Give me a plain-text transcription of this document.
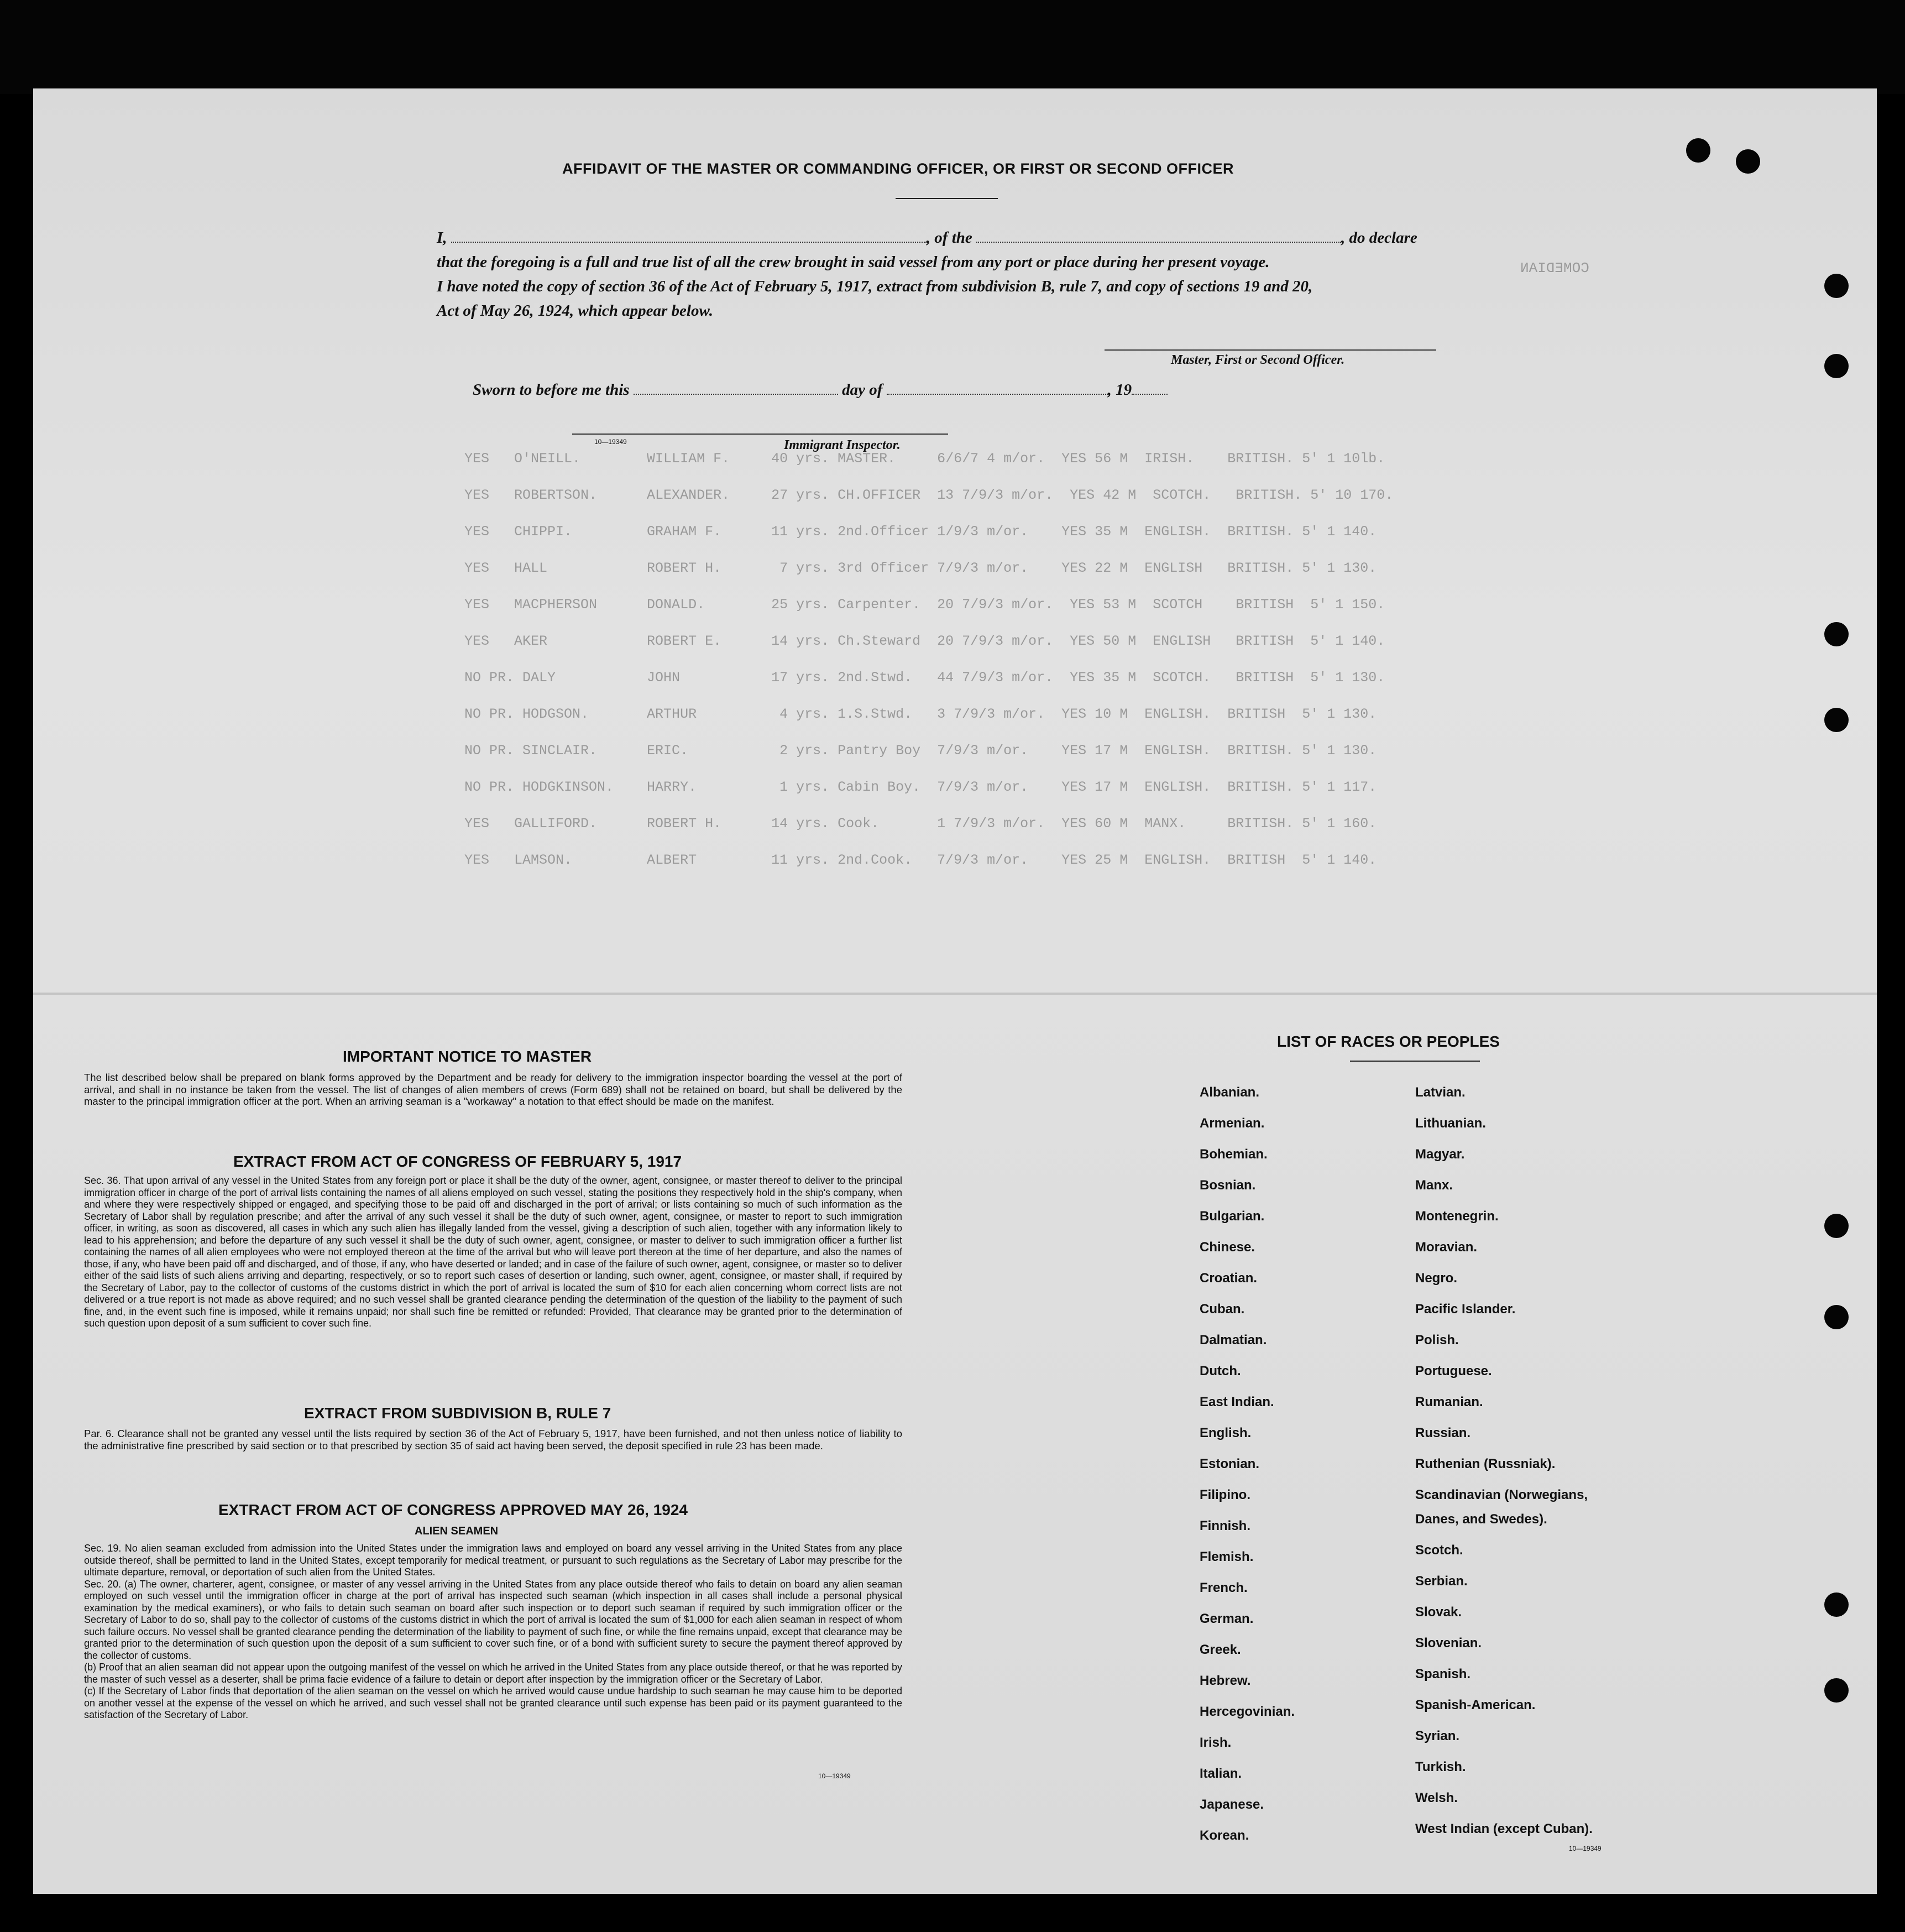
AFFIDAVIT OF THE MASTER OR COMMANDING OFFICER, OR FIRST OR SECOND OFFICER
I,	, of the	, do declare
that the foregoing is a full and true list of all the crew brought in said vessel from any port or place during her present voyage.
I have noted the copy of section 36 of the Act of February 5, 1917, extract from subdivision B, rule 7, and copy of sections 19 and 20,
Act of May 26, 1924, which appear below.
COMEDIAN
Master, First or Second Officer.
Sworn to before me this	day of	, 19
10—19349	Immigrant Inspector.
YES   O'NEILL.        WILLIAM F.     40 yrs. MASTER.     6/6/7 4 m/or.  YES 56 M  IRISH.    BRITISH. 5' 1 10lb.
YES   ROBERTSON.      ALEXANDER.     27 yrs. CH.OFFICER  13 7/9/3 m/or.  YES 42 M  SCOTCH.   BRITISH. 5' 10 170.
YES   CHIPPI.         GRAHAM F.      11 yrs. 2nd.Officer 1/9/3 m/or.    YES 35 M  ENGLISH.  BRITISH. 5' 1 140.
YES   HALL            ROBERT H.       7 yrs. 3rd Officer 7/9/3 m/or.    YES 22 M  ENGLISH   BRITISH. 5' 1 130.
YES   MACPHERSON      DONALD.        25 yrs. Carpenter.  20 7/9/3 m/or.  YES 53 M  SCOTCH    BRITISH  5' 1 150.
YES   AKER            ROBERT E.      14 yrs. Ch.Steward  20 7/9/3 m/or.  YES 50 M  ENGLISH   BRITISH  5' 1 140.
NO PR. DALY           JOHN           17 yrs. 2nd.Stwd.   44 7/9/3 m/or.  YES 35 M  SCOTCH.   BRITISH  5' 1 130.
NO PR. HODGSON.       ARTHUR          4 yrs. 1.S.Stwd.   3 7/9/3 m/or.  YES 10 M  ENGLISH.  BRITISH  5' 1 130.
NO PR. SINCLAIR.      ERIC.           2 yrs. Pantry Boy  7/9/3 m/or.    YES 17 M  ENGLISH.  BRITISH. 5' 1 130.
NO PR. HODGKINSON.    HARRY.          1 yrs. Cabin Boy.  7/9/3 m/or.    YES 17 M  ENGLISH.  BRITISH. 5' 1 117.
YES   GALLIFORD.      ROBERT H.      14 yrs. Cook.       1 7/9/3 m/or.  YES 60 M  MANX.     BRITISH. 5' 1 160.
YES   LAMSON.         ALBERT         11 yrs. 2nd.Cook.   7/9/3 m/or.    YES 25 M  ENGLISH.  BRITISH  5' 1 140.
IMPORTANT NOTICE TO MASTER
The list described below shall be prepared on blank forms approved by the Department and be ready for delivery to the immigration inspector boarding the vessel at the port of arrival, and shall in no instance be taken from the vessel. The list of changes of alien members of crews (Form 689) shall not be retained on board, but shall be delivered by the master to the principal immigration officer at the port. When an arriving seaman is a "workaway" a notation to that effect should be made on the manifest.
EXTRACT FROM ACT OF CONGRESS OF FEBRUARY 5, 1917
Sec. 36. That upon arrival of any vessel in the United States from any foreign port or place it shall be the duty of the owner, agent, consignee, or master thereof to deliver to the principal immigration officer in charge of the port of arrival lists containing the names of all aliens employed on such vessel, stating the positions they respectively hold in the ship's company, when and where they were respectively shipped or engaged, and specifying those to be paid off and discharged in the port of arrival; or lists containing so much of such information as the Secretary of Labor shall by regulation prescribe; and after the arrival of any such vessel it shall be the duty of such owner, agent, consignee, or master to report to such immigration officer, in writing, as soon as discovered, all cases in which any such alien has illegally landed from the vessel, giving a description of such alien, together with any information likely to lead to his apprehension; and before the departure of any such vessel it shall be the duty of such owner, agent, consignee, or master to deliver to such immigration officer a further list containing the names of all alien employees who were not employed thereon at the time of the arrival but who will leave port thereon at the time of her departure, and also the names of those, if any, who have been paid off and discharged, and of those, if any, who have deserted or landed; and in case of the failure of such owner, agent, consignee, or master so to deliver either of the said lists of such aliens arriving and departing, respectively, or so to report such cases of desertion or landing, such owner, agent, consignee, or master shall, if required by the Secretary of Labor, pay to the collector of customs of the customs district in which the port of arrival is located the sum of $10 for each alien concerning whom correct lists are not delivered or a true report is not made as above required; and no such vessel shall be granted clearance pending the determination of the question of the liability to the payment of such fine, and, in the event such fine is imposed, while it remains unpaid; nor shall such fine be remitted or refunded: Provided, That clearance may be granted prior to the determination of such question upon deposit of a sum sufficient to cover such fine.
EXTRACT FROM SUBDIVISION B, RULE 7
Par. 6. Clearance shall not be granted any vessel until the lists required by section 36 of the Act of February 5, 1917, have been furnished, and not then unless notice of liability to the administrative fine prescribed by said section or to that prescribed by section 35 of said act having been served, the deposit specified in rule 23 has been made.
EXTRACT FROM ACT OF CONGRESS APPROVED MAY 26, 1924
ALIEN SEAMEN
Sec. 19. No alien seaman excluded from admission into the United States under the immigration laws and employed on board any vessel arriving in the United States from any place outside thereof, shall be permitted to land in the United States, except temporarily for medical treatment, or pursuant to such regulations as the Secretary of Labor may prescribe for the ultimate departure, removal, or deportation of such alien from the United States.
Sec. 20. (a) The owner, charterer, agent, consignee, or master of any vessel arriving in the United States from any place outside thereof who fails to detain on board any alien seaman employed on such vessel until the immigration officer in charge at the port of arrival has inspected such seaman (which inspection in all cases shall include a personal physical examination by the medical examiners), or who fails to detain such seaman on board after such inspection or to deport such seaman if required by such immigration officer or the Secretary of Labor to do so, shall pay to the collector of customs of the customs district in which the port of arrival is located the sum of $1,000 for each alien seaman in respect of whom such failure occurs. No vessel shall be granted clearance pending the determination of the liability to payment of such fine, or while the fine remains unpaid, except that clearance may be granted prior to the determination of such question upon the deposit of a sum sufficient to cover such fine, or of a bond with sufficient surety to secure the payment thereof approved by the collector of customs.
(b) Proof that an alien seaman did not appear upon the outgoing manifest of the vessel on which he arrived in the United States from any place outside thereof, or that he was reported by the master of such vessel as a deserter, shall be prima facie evidence of a failure to detain or deport after inspection by the immigration officer or the Secretary of Labor.
(c) If the Secretary of Labor finds that deportation of the alien seaman on the vessel on which he arrived would cause undue hardship to such seaman he may cause him to be deported on another vessel at the expense of the vessel on which he arrived, and such vessel shall not be granted clearance until such expense has been paid or its payment guaranteed to the satisfaction of the Secretary of Labor.
10—19349
LIST OF RACES OR PEOPLES
Albanian.
Armenian.
Bohemian.
Bosnian.
Bulgarian.
Chinese.
Croatian.
Cuban.
Dalmatian.
Dutch.
East Indian.
English.
Estonian.
Filipino.
Finnish.
Flemish.
French.
German.
Greek.
Hebrew.
Hercegovinian.
Irish.
Italian.
Japanese.
Korean.
Latvian.
Lithuanian.
Magyar.
Manx.
Montenegrin.
Moravian.
Negro.
Pacific Islander.
Polish.
Portuguese.
Rumanian.
Russian.
Ruthenian (Russniak).
Scandinavian (Norwegians,
Danes, and Swedes).
Scotch.
Serbian.
Slovak.
Slovenian.
Spanish.
Spanish-American.
Syrian.
Turkish.
Welsh.
West Indian (except Cuban).
10—19349
